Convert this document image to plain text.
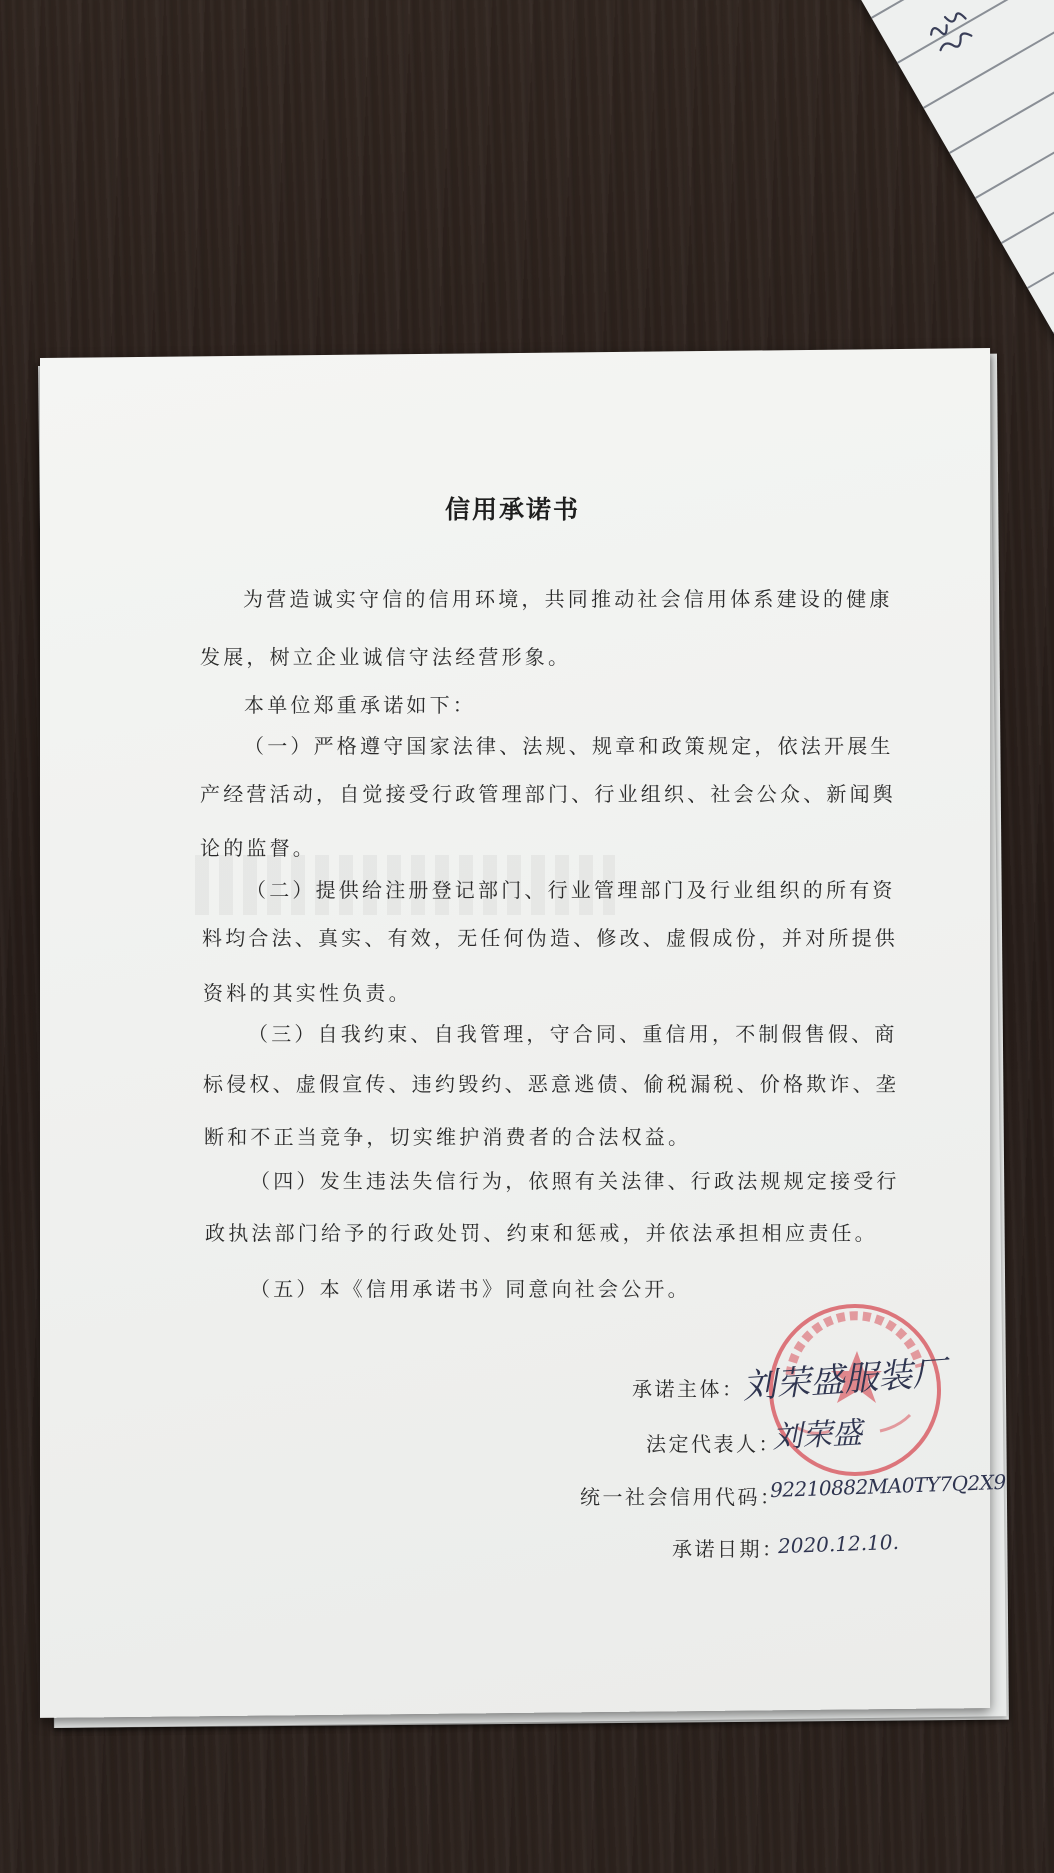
信用承诺书
为营造诚实守信的信用环境，共同推动社会信用体系建设的健康
发展，树立企业诚信守法经营形象。
本单位郑重承诺如下：
（一）严格遵守国家法律、法规、规章和政策规定，依法开展生
产经营活动，自觉接受行政管理部门、行业组织、社会公众、新闻舆
论的监督。
（二）提供给注册登记部门、行业管理部门及行业组织的所有资
料均合法、真实、有效，无任何伪造、修改、虚假成份，并对所提供
资料的其实性负责。
（三）自我约束、自我管理，守合同、重信用，不制假售假、商
标侵权、虚假宣传、违约毁约、恶意逃债、偷税漏税、价格欺诈、垄
断和不正当竞争，切实维护消费者的合法权益。
（四）发生违法失信行为，依照有关法律、行政法规规定接受行
政执法部门给予的行政处罚、约束和惩戒，并依法承担相应责任。
（五）本《信用承诺书》同意向社会公开。
承诺主体：
刘荣盛服装厂
法定代表人：
刘荣盛
统一社会信用代码：
92210882MA0TY7Q2X9
承诺日期：
2020.12.10.
